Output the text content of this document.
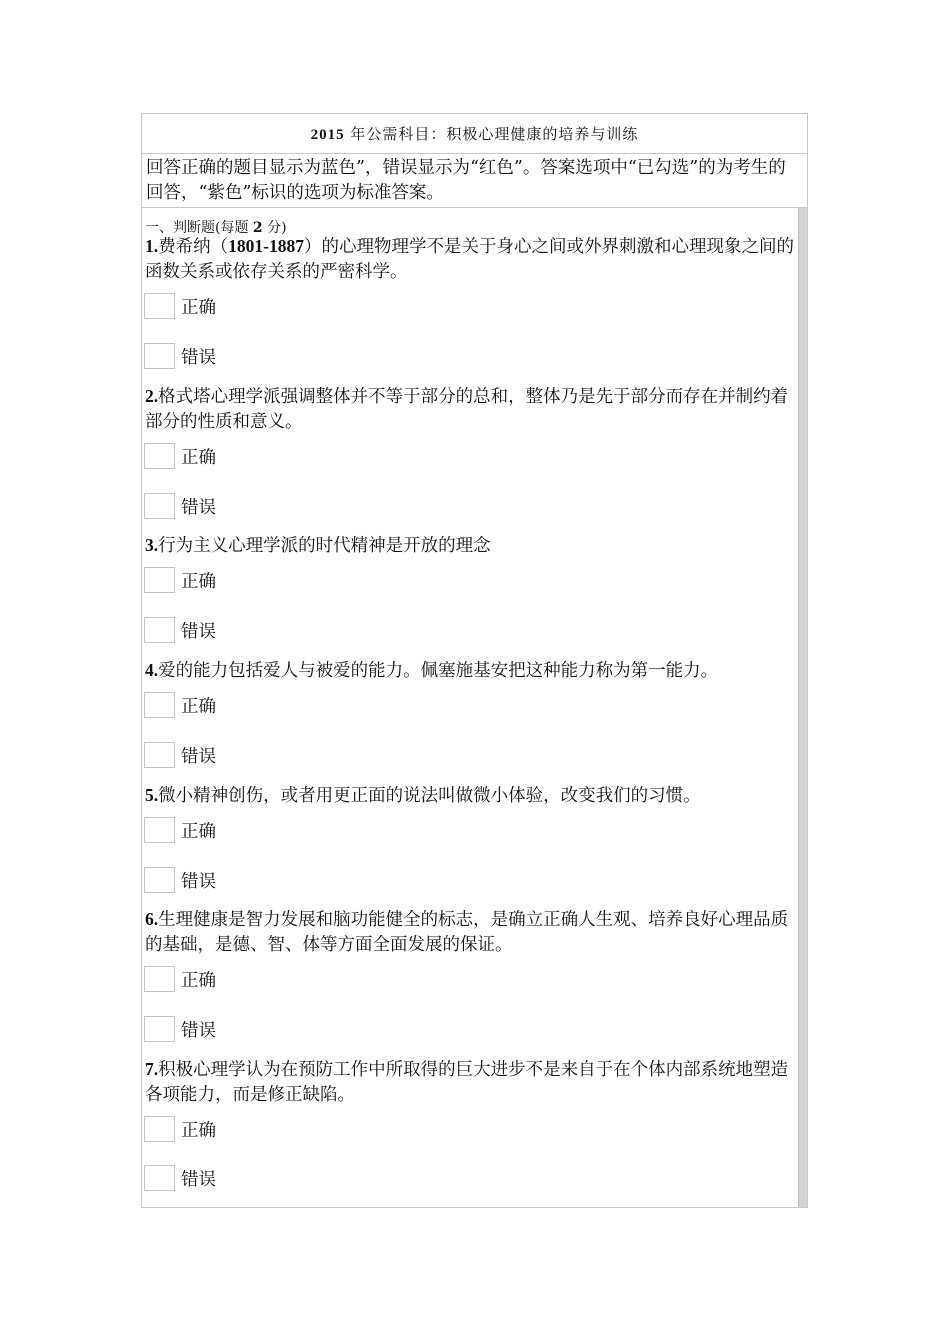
2015 年公需科目：积极心理健康的培养与训练
回答正确的题目显示为蓝色”，错误显示为“红色”。答案选项中“已勾选”的为考生的回答，“紫色”标识的选项为标准答案。
一、判断题(每题 2 分)
1.费希纳（1801-1887）的心理物理学不是关于身心之间或外界刺激和心理现象之间的函数关系或依存关系的严密科学。
正确
错误
2.格式塔心理学派强调整体并不等于部分的总和，整体乃是先于部分而存在并制约着部分的性质和意义。
正确
错误
3.行为主义心理学派的时代精神是开放的理念
正确
错误
4.爱的能力包括爱人与被爱的能力。佩塞施基安把这种能力称为第一能力。
正确
错误
5.微小精神创伤，或者用更正面的说法叫做微小体验，改变我们的习惯。
正确
错误
6.生理健康是智力发展和脑功能健全的标志，是确立正确人生观、培养良好心理品质的基础，是德、智、体等方面全面发展的保证。
正确
错误
7.积极心理学认为在预防工作中所取得的巨大进步不是来自于在个体内部系统地塑造各项能力，而是修正缺陷。
正确
错误
